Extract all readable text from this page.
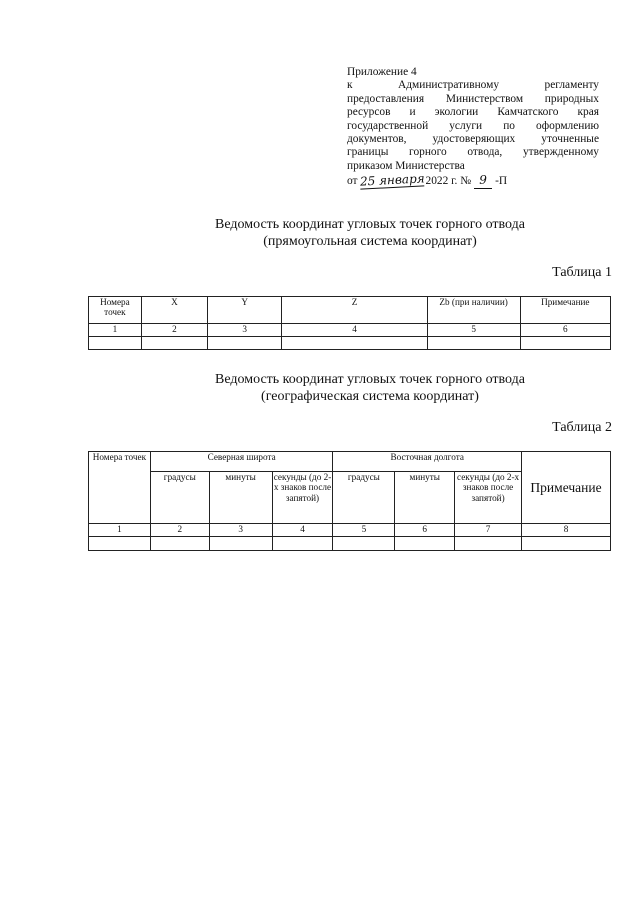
Приложение 4
к Административному регламенту
предоставления Министерством природных
ресурсов и экологии Камчатского края
государственной услуги по оформлению
документов, удостоверяющих уточненные
границы горного отвода, утвержденному
приказом Министерства
от 25 января 2022 г. № 9 -П
Ведомость координат угловых точек горного отвода
(прямоугольная система координат)
Таблица 1
Номера точек	X	Y	Z	Zb (при наличии)	Примечание
1	2	3	4	5	6

Ведомость координат угловых точек горного отвода
(географическая система координат)
Таблица 2
Номера точек	Северная широта			Восточная долгота			Примечание
	градусы	минуты	секунды (до 2-х знаков после запятой)	градусы	минуты	секунды (до 2-х знаков после запятой)	
1	2	3	4	5	6	7	8
